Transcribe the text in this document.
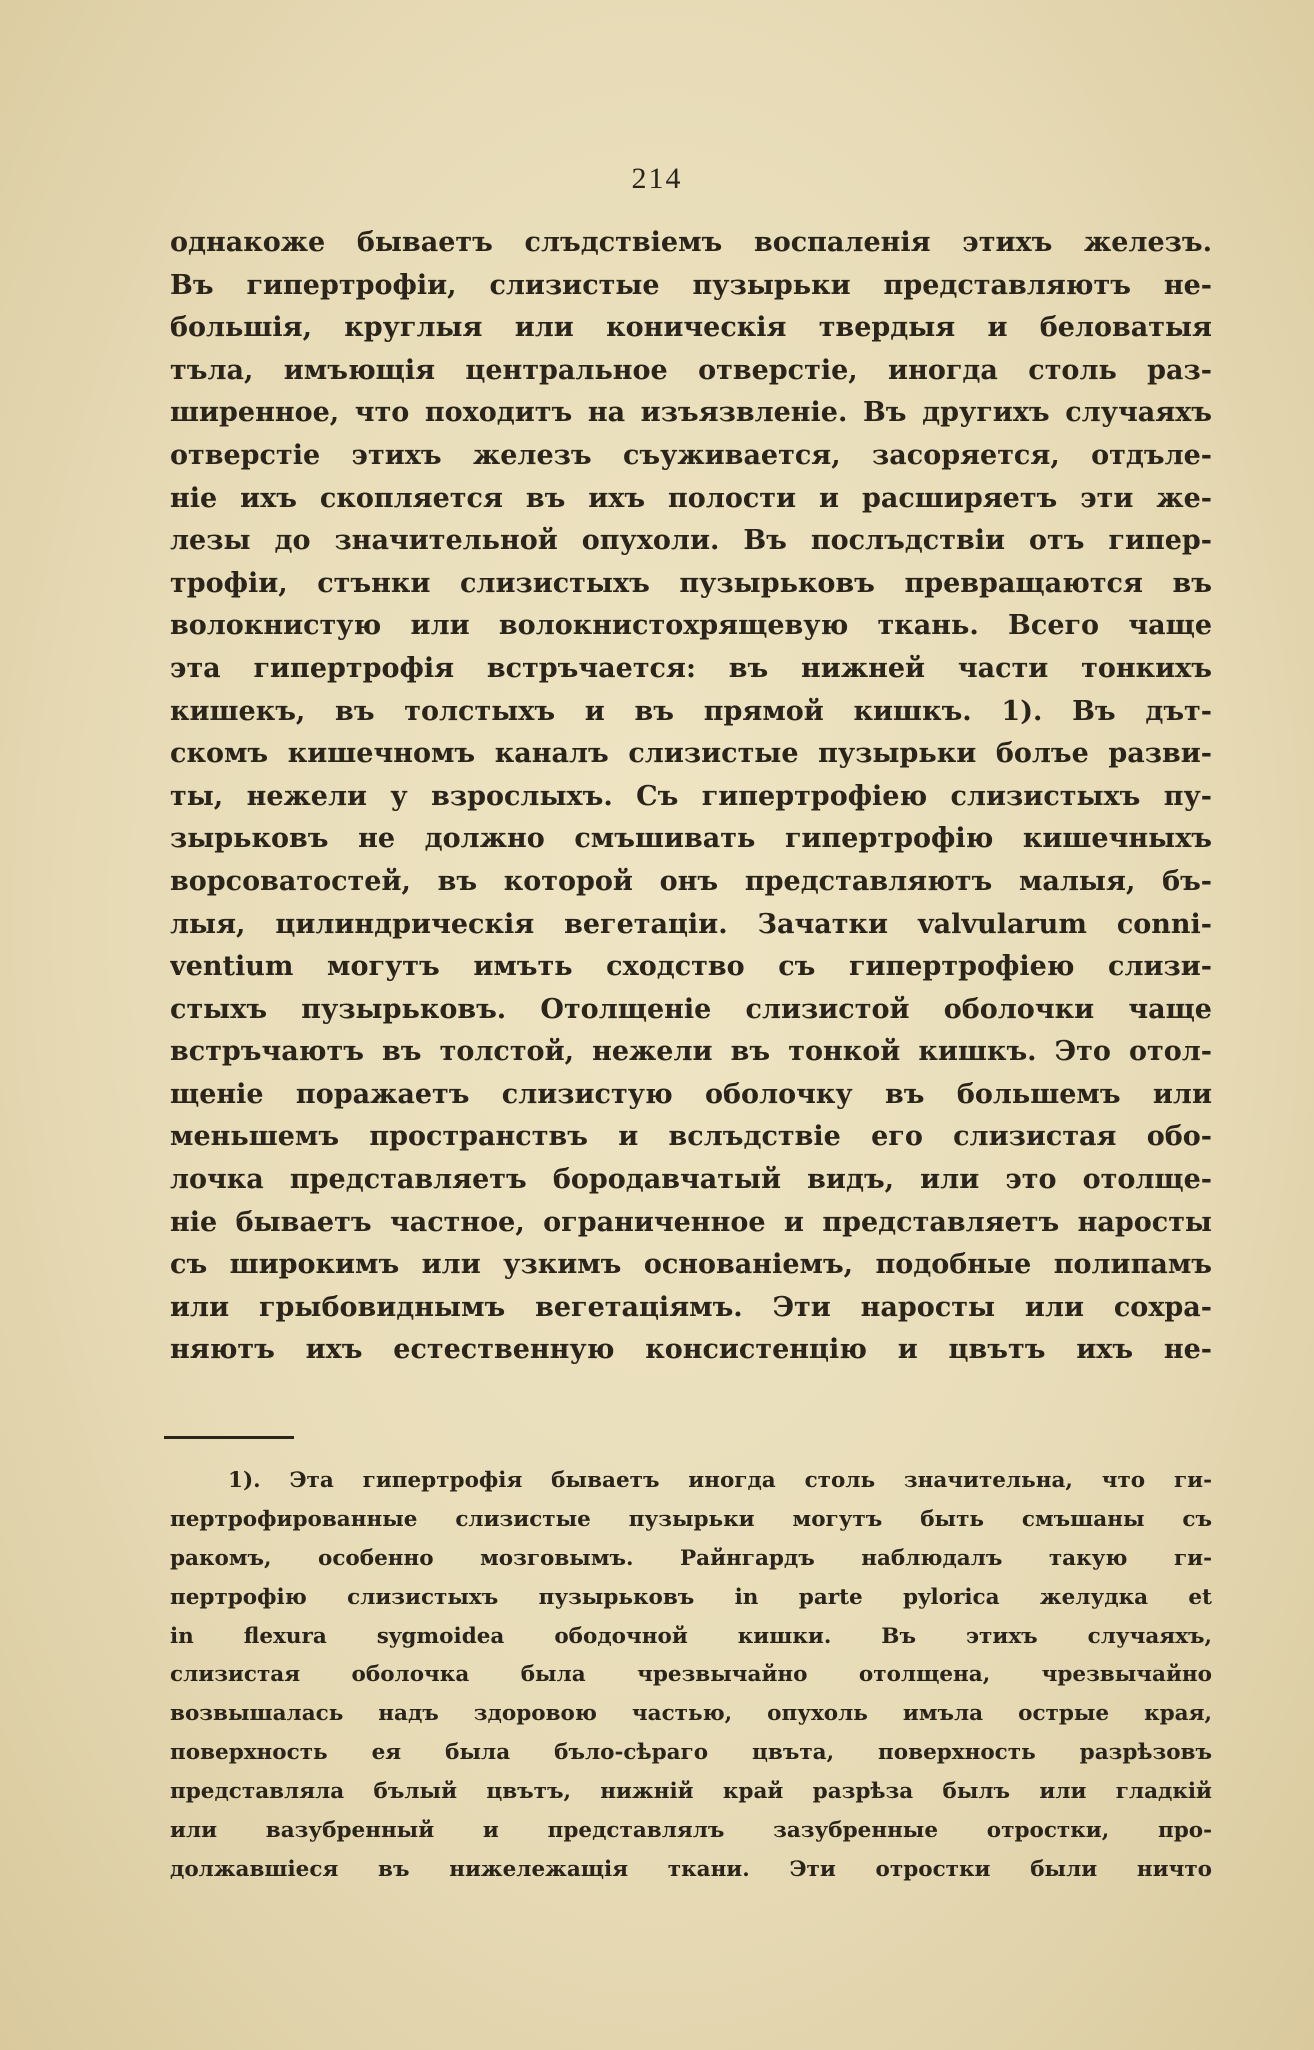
214
однакожe бываетъ слъдствіемъ воспаленія этихъ железъ.
Въ гипертрофіи, слизистые пузырьки представляютъ не-
большія, круглыя или коническія твердыя и беловатыя
тъла, имъющія центральное отверстіе, иногда столь раз-
ширенное, что походитъ на изъязвленіе. Въ другихъ случаяхъ
отверстіе этихъ железъ съуживается, засоряется, отдъле-
ніе ихъ скопляется въ ихъ полости и расширяетъ эти же-
лезы до значительной опухоли. Въ послъдствіи отъ гипер-
трофіи, стънки слизистыхъ пузырьковъ превращаются въ
волокнистую или волокнистохрящевую ткань. Всего чаще
эта гипертрофія встръчается: въ нижней части тонкихъ
кишекъ, въ толстыхъ и въ прямой кишкъ. 1). Въ дът-
скомъ кишечномъ каналъ слизистые пузырьки болъе разви-
ты, нежели у взрослыхъ. Съ гипертрофіею слизистыхъ пу-
зырьковъ не должно смъшивать гипертрофію кишечныхъ
ворсоватостей, въ которой онъ представляютъ малыя, бъ-
лыя, цилиндрическія вегетаціи. Зачатки valvularum conni-
ventium могутъ имъть сходство съ гипертрофіею слизи-
стыхъ пузырьковъ. Отолщеніе слизистой оболочки чаще
встръчаютъ въ толстой, нежели въ тонкой кишкъ. Это отол-
щеніе поражаетъ слизистую оболочку въ большемъ или
меньшемъ пространствъ и вслъдствіе его слизистая обо-
лочка представляетъ бородавчатый видъ, или это отолще-
ніе бываетъ частное, ограниченное и представляетъ наросты
съ широкимъ или узкимъ основаніемъ, подобные полипамъ
или грыбовиднымъ вегетаціямъ. Эти наросты или сохра-
няютъ ихъ естественную консистенцію и цвътъ ихъ не-
1). Эта гипертрофія бываетъ иногда столь значительна, что ги-
пертрофированные слизистые пузырьки могутъ быть смъшаны съ
ракомъ, особенно мозговымъ. Райнгардъ наблюдалъ такую ги-
пертрофію слизистыхъ пузырьковъ in parte pylorica желудка et
in flexura sygmoidea ободочной кишки. Въ этихъ случаяхъ,
слизистая оболочка была чрезвычайно отолщена, чрезвычайно
возвышалась надъ здоровою частью, опухоль имъла острые края,
поверхность ея была бъло-сѣраго цвъта, поверхность разрѣзовъ
представляла бълый цвътъ, нижній край разрѣза былъ или гладкій
или вазубренный и представлялъ зазубренные отростки, про-
должавшіеся въ нижележащія ткани. Эти отростки были ничто
